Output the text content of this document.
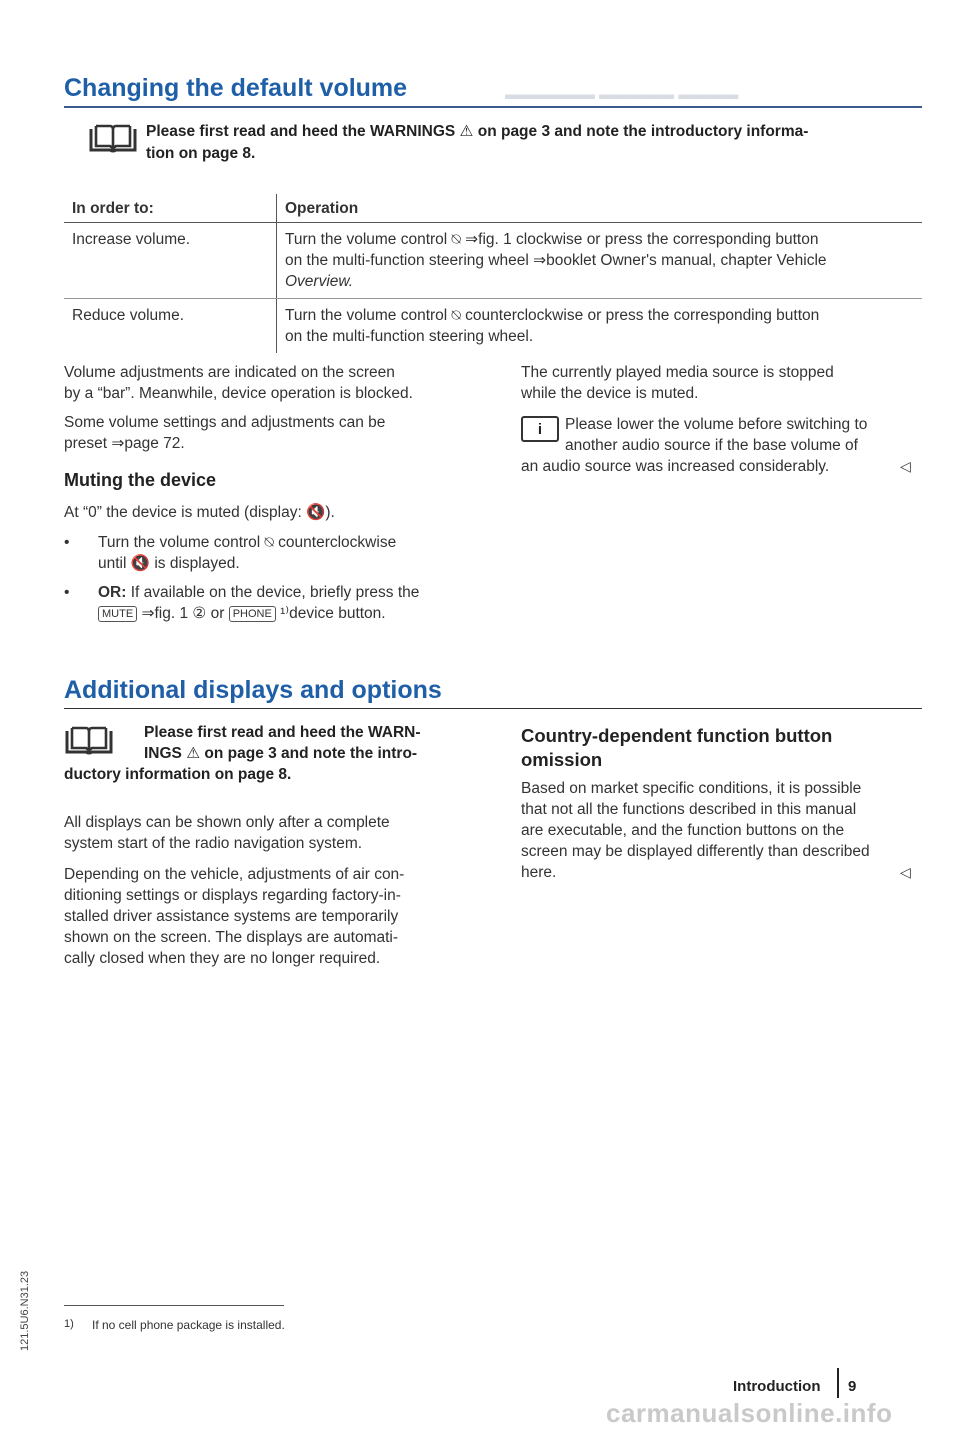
Changing the default volume
Please first read and heed the WARNINGS ⚠ on page 3 and note the introductory informa-
tion on page 8.
In order to:	Operation
Increase volume.	Turn the volume control ⍉ ⇒fig. 1 clockwise or press the corresponding button
on the multi-function steering wheel ⇒booklet Owner's manual, chapter Vehicle
Overview.

Reduce volume.	Turn the volume control ⍉ counterclockwise or press the corresponding button
on the multi-function steering wheel.
Volume adjustments are indicated on the screen
by a “bar”. Meanwhile, device operation is blocked.
Some volume settings and adjustments can be
preset ⇒page 72.
Muting the device
At “0” the device is muted (display: 🔇).
•	Turn the volume control ⍉ counterclockwise
until 🔇 is displayed.
•	OR: If available on the device, briefly press the
MUTE ⇒fig. 1 ② or PHONE ¹⁾device button.
The currently played media source is stopped
while the device is muted.
i	Please lower the volume before switching to
another audio source if the base volume of
an audio source was increased considerably.	◁
Additional displays and options
Please first read and heed the WARN-
INGS ⚠ on page 3 and note the intro-
ductory information on page 8.
All displays can be shown only after a complete
system start of the radio navigation system.
Depending on the vehicle, adjustments of air con-
ditioning settings or displays regarding factory-in-
stalled driver assistance systems are temporarily
shown on the screen. The displays are automati-
cally closed when they are no longer required.
Country-dependent function button
omission
Based on market specific conditions, it is possible
that not all the functions described in this manual
are executable, and the function buttons on the
screen may be displayed differently than described
here.	◁
▬▬▬▬ ▬▬▬▬▬ ▬▬▬▬▬▬
1) If no cell phone package is installed.
Introduction 9
121.5U6.N31.23
carmanualsonline.info
